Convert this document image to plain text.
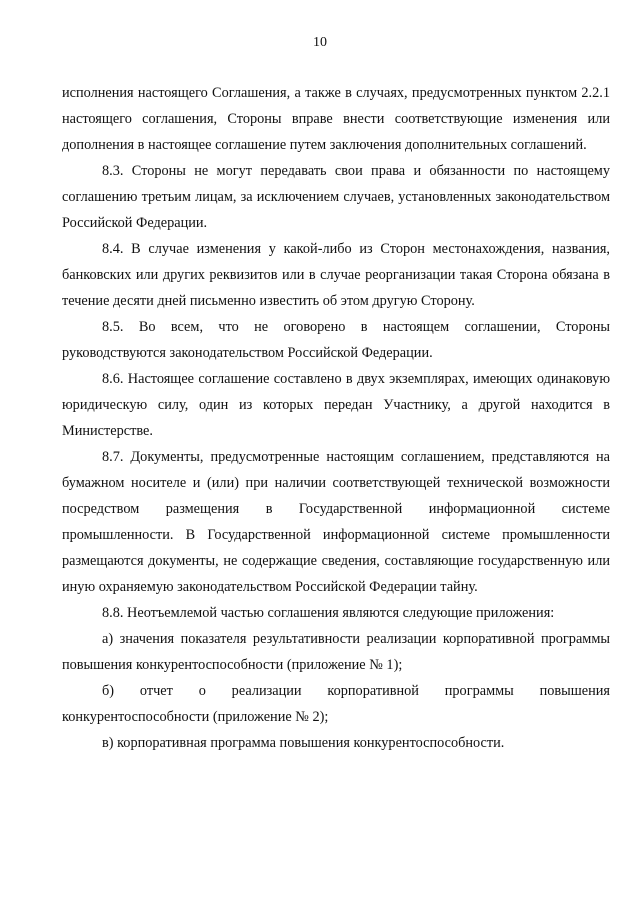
10

исполнения настоящего Соглашения, а также в случаях, предусмотренных пунктом 2.2.1 настоящего соглашения, Стороны вправе внести соответствующие изменения или дополнения в настоящее соглашение путем заключения дополнительных соглашений.

8.3. Стороны не могут передавать свои права и обязанности по настоящему соглашению третьим лицам, за исключением случаев, установленных законодательством Российской Федерации.

8.4. В случае изменения у какой-либо из Сторон местонахождения, названия, банковских или других реквизитов или в случае реорганизации такая Сторона обязана в течение десяти дней письменно известить об этом другую Сторону.

8.5. Во всем, что не оговорено в настоящем соглашении, Стороны руководствуются законодательством Российской Федерации.

8.6. Настоящее соглашение составлено в двух экземплярах, имеющих одинаковую юридическую силу, один из которых передан Участнику, а другой находится в Министерстве.

8.7. Документы, предусмотренные настоящим соглашением, представляются на бумажном носителе и (или) при наличии соответствующей технической возможности посредством размещения в Государственной информационной системе промышленности. В Государственной информационной системе промышленности размещаются документы, не содержащие сведения, составляющие государственную или иную охраняемую законодательством Российской Федерации тайну.

8.8. Неотъемлемой частью соглашения являются следующие приложения:

а) значения показателя результативности реализации корпоративной программы повышения конкурентоспособности (приложение № 1);

б) отчет о реализации корпоративной программы повышения конкурентоспособности (приложение № 2);

в) корпоративная программа повышения конкурентоспособности.
